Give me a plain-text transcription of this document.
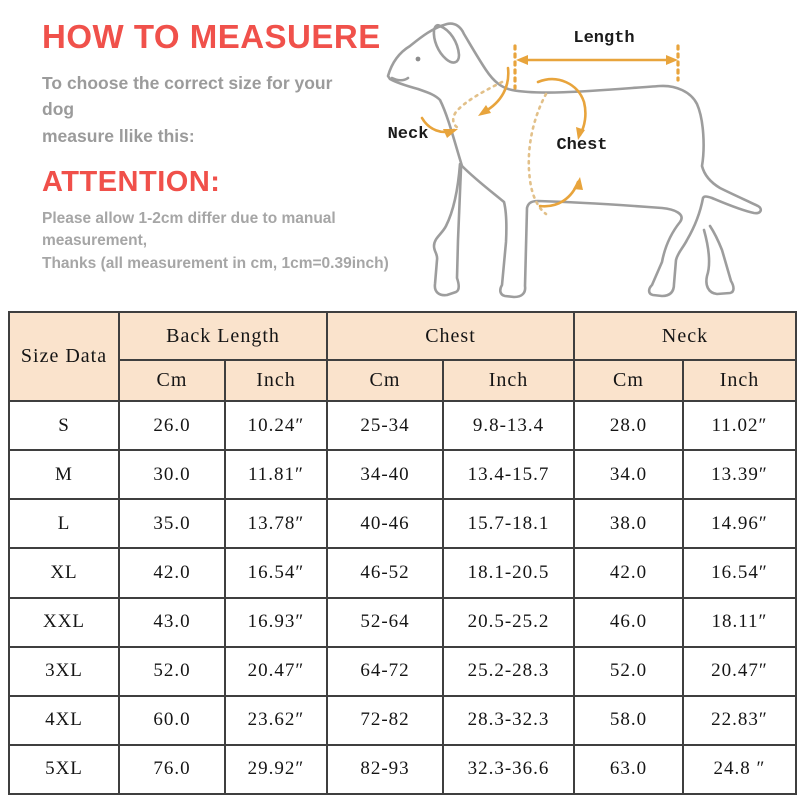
HOW TO MEASUERE
To choose the correct size for your dog
measure llike this:
ATTENTION:
Please allow 1-2cm differ due to manual measurement,
Thanks (all measurement in cm, 1cm=0.39inch)
Length
Neck
Chest
Size Data	Back Length		Chest		Neck	
	Cm	Inch	Cm	Inch	Cm	Inch
S	26.0	10.24″	25-34	9.8-13.4	28.0	11.02″
M	30.0	11.81″	34-40	13.4-15.7	34.0	13.39″
L	35.0	13.78″	40-46	15.7-18.1	38.0	14.96″
XL	42.0	16.54″	46-52	18.1-20.5	42.0	16.54″
XXL	43.0	16.93″	52-64	20.5-25.2	46.0	18.11″
3XL	52.0	20.47″	64-72	25.2-28.3	52.0	20.47″
4XL	60.0	23.62″	72-82	28.3-32.3	58.0	22.83″
5XL	76.0	29.92″	82-93	32.3-36.6	63.0	24.8 ″
